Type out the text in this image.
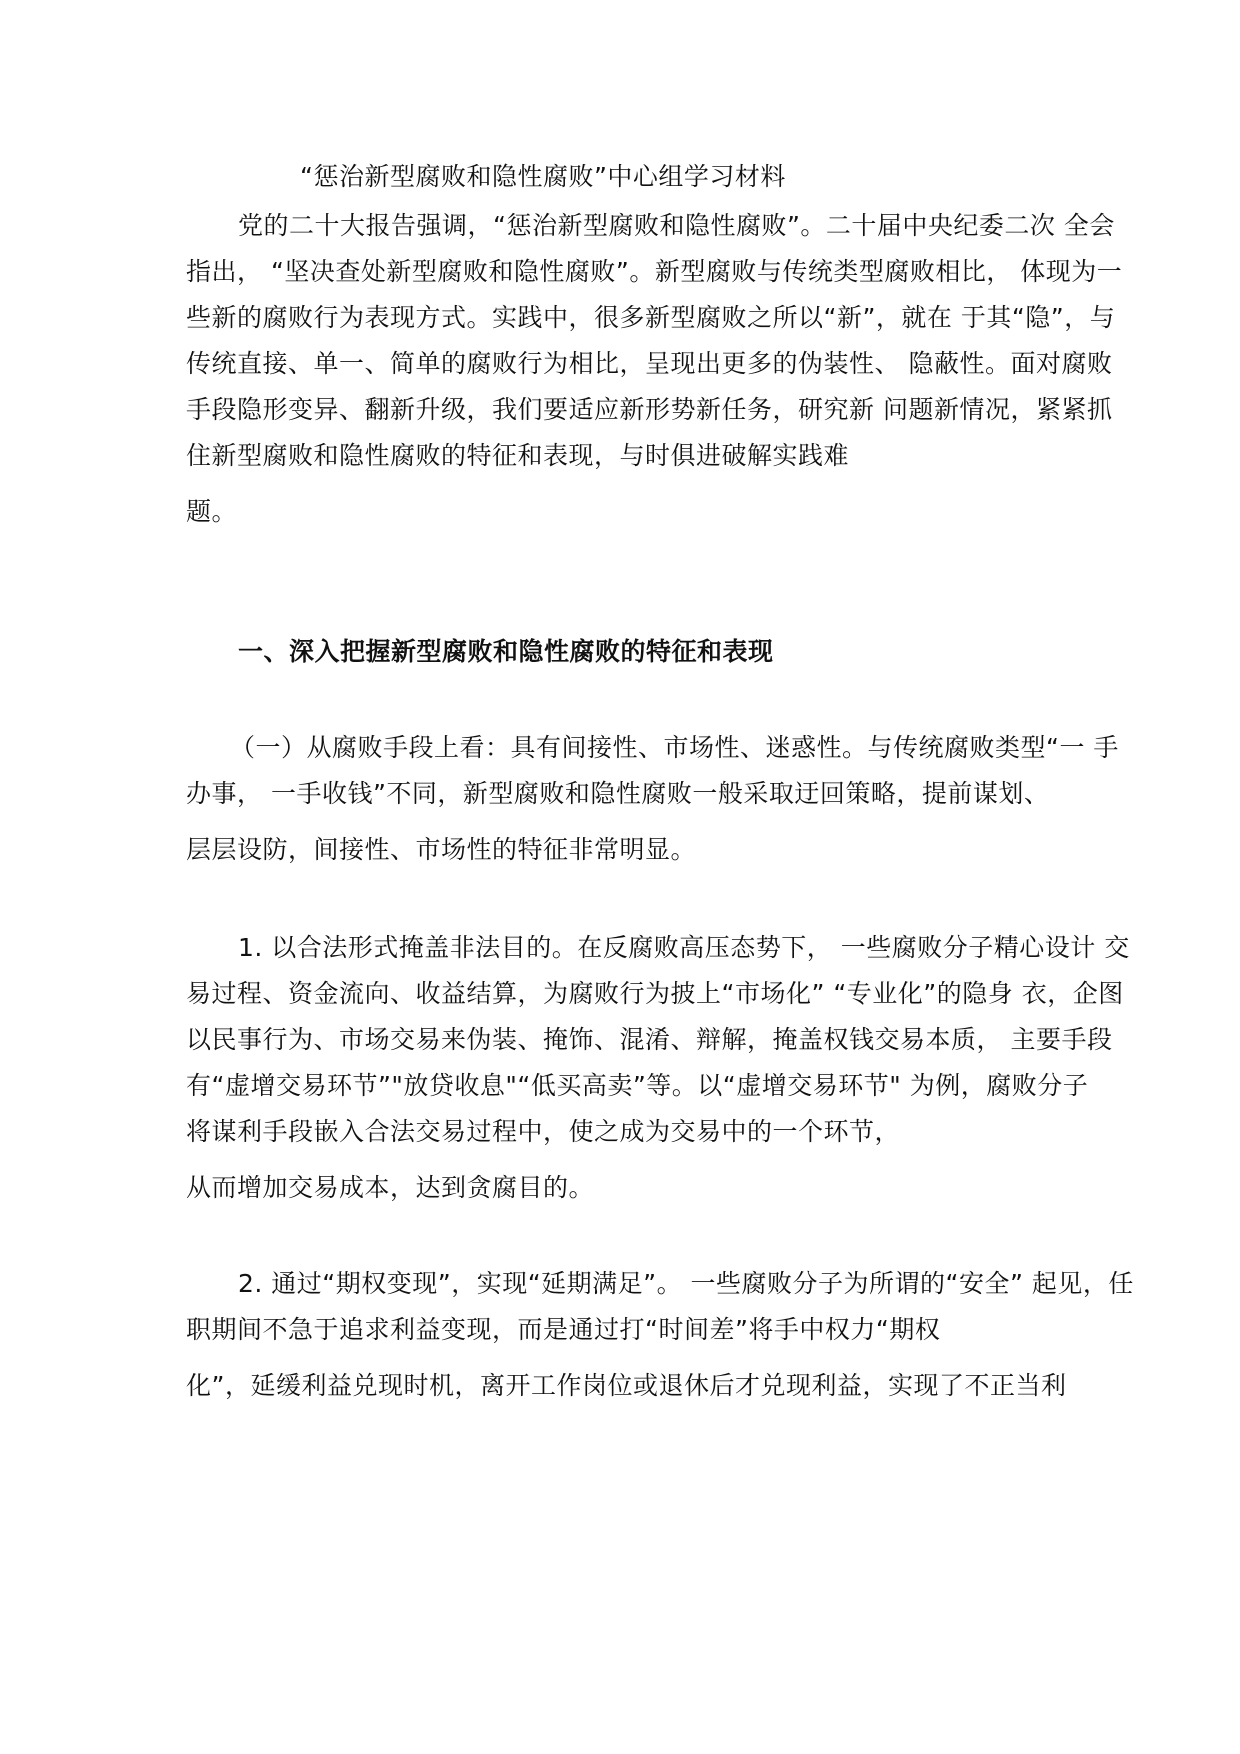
“惩治新型腐败和隐性腐败”中心组学习材料
党的二十大报告强调，“惩治新型腐败和隐性腐败”。二十届中央纪委二次 全会
指出， “坚决查处新型腐败和隐性腐败”。新型腐败与传统类型腐败相比， 体现为一
些新的腐败行为表现方式。实践中，很多新型腐败之所以“新”，就在 于其“隐”，与
传统直接、单一、简单的腐败行为相比，呈现出更多的伪装性、 隐蔽性。面对腐败
手段隐形变异、翻新升级，我们要适应新形势新任务，研究新 问题新情况，紧紧抓
住新型腐败和隐性腐败的特征和表现，与时俱进破解实践难
题。
一、深入把握新型腐败和隐性腐败的特征和表现
（一）从腐败手段上看：具有间接性、市场性、迷惑性。与传统腐败类型“一 手
办事， 一手收钱”不同，新型腐败和隐性腐败一般采取迂回策略，提前谋划、
层层设防，间接性、市场性的特征非常明显。
1. 以合法形式掩盖非法目的。在反腐败高压态势下， 一些腐败分子精心设计 交
易过程、资金流向、收益结算，为腐败行为披上“市场化” “专业化”的隐身 衣，企图
以民事行为、市场交易来伪装、掩饰、混淆、辩解，掩盖权钱交易本质， 主要手段
有“虚增交易环节”"放贷收息"“低买高卖”等。以“虚增交易环节" 为例，腐败分子
将谋利手段嵌入合法交易过程中，使之成为交易中的一个环节，
从而增加交易成本，达到贪腐目的。
2. 通过“期权变现”，实现“延期满足”。 一些腐败分子为所谓的“安全” 起见，任
职期间不急于追求利益变现，而是通过打“时间差”将手中权力“期权
化”，延缓利益兑现时机，离开工作岗位或退休后才兑现利益，实现了不正当利
